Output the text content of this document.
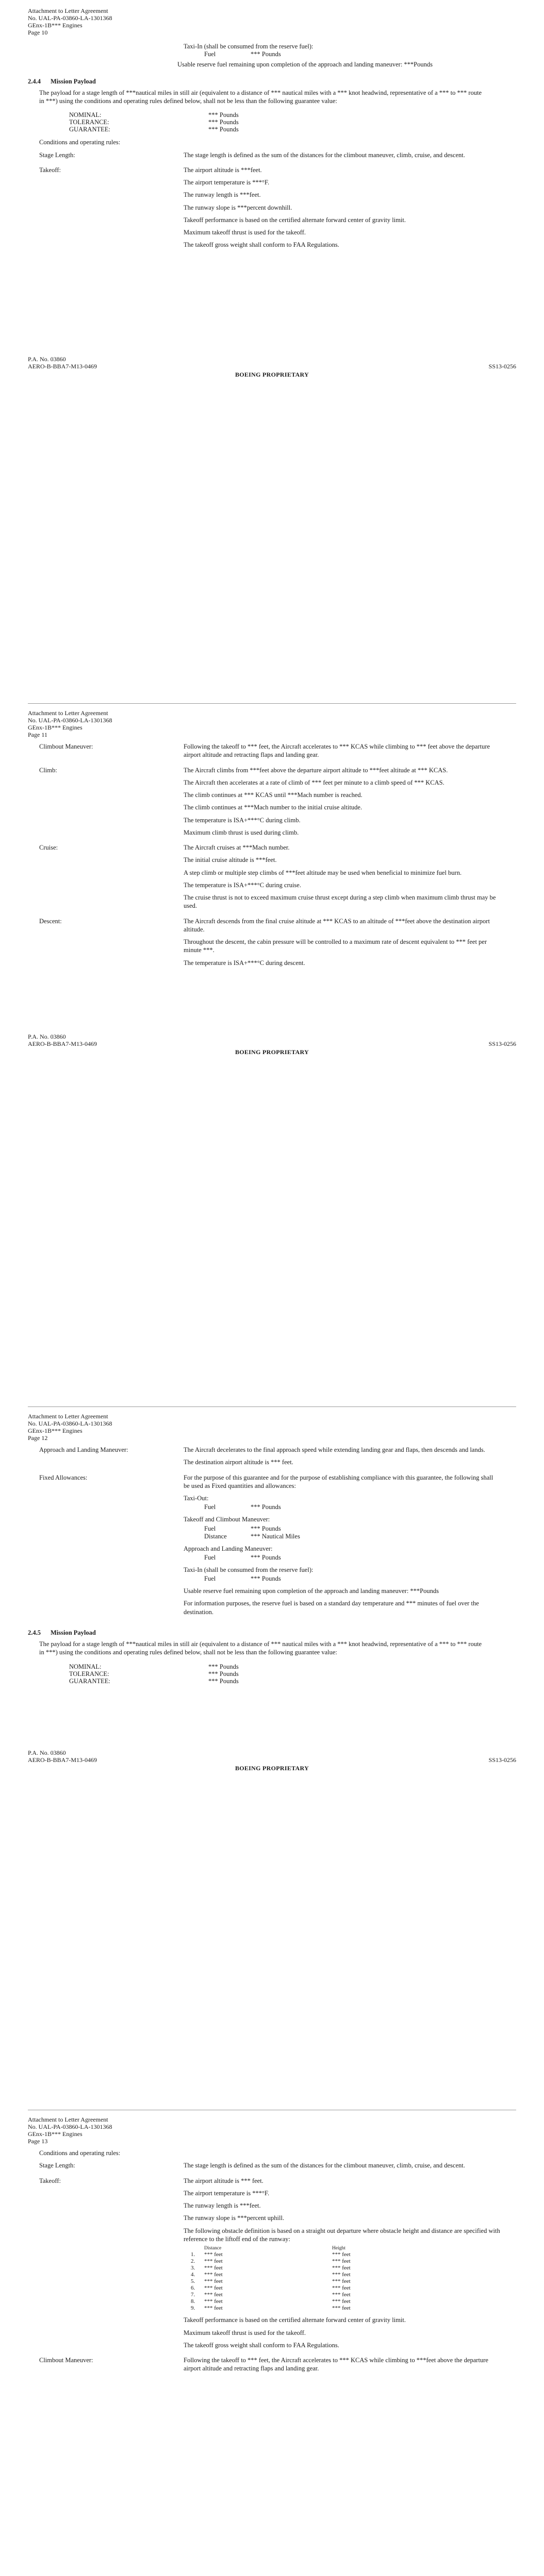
Attachment to Letter Agreement
No. UAL-PA-03860-LA-1301368
GEnx-1B*** Engines
Page 10
Taxi-In (shall be consumed from the reserve fuel):
Fuel	*** Pounds
Usable reserve fuel remaining upon completion of the approach and landing maneuver: ***Pounds
2.4.4 Mission Payload
The payload for a stage length of ***nautical miles in still air (equivalent to a distance of *** nautical miles with a *** knot headwind, representative of a *** to *** route in ***) using the conditions and operating rules defined below, shall not be less than the following guarantee value:
NOMINAL:	*** Pounds
TOLERANCE:	*** Pounds
GUARANTEE:	*** Pounds
Conditions and operating rules:
Stage Length:	The stage length is defined as the sum of the distances for the climbout maneuver, climb, cruise, and descent.

Takeoff:	The airport altitude is ***feet.

The airport temperature is ***°F.

The runway length is ***feet.

The runway slope is ***percent downhill.

Takeoff performance is based on the certified alternate forward center of gravity limit.

Maximum takeoff thrust is used for the takeoff.

The takeoff gross weight shall conform to FAA Regulations.

P.A. No. 03860
AERO-B-BBA7-M13-0469	SS13-0256
BOEING PROPRIETARY
Attachment to Letter Agreement
No. UAL-PA-03860-LA-1301368
GEnx-1B*** Engines
Page 11
Climbout Maneuver:	Following the takeoff to *** feet, the Aircraft accelerates to *** KCAS while climbing to *** feet above the departure airport altitude and retracting flaps and landing gear.

Climb:	The Aircraft climbs from ***feet above the departure airport altitude to ***feet altitude at *** KCAS.

The Aircraft then accelerates at a rate of climb of *** feet per minute to a climb speed of *** KCAS.

The climb continues at *** KCAS until ***Mach number is reached.

The climb continues at ***Mach number to the initial cruise altitude.

The temperature is ISA+***°C during climb.

Maximum climb thrust is used during climb.

Cruise:	The Aircraft cruises at ***Mach number.

The initial cruise altitude is ***feet.

A step climb or multiple step climbs of ***feet altitude may be used when beneficial to minimize fuel burn.

The temperature is ISA+***°C during cruise.

The cruise thrust is not to exceed maximum cruise thrust except during a step climb when maximum climb thrust may be used.

Descent:	The Aircraft descends from the final cruise altitude at *** KCAS to an altitude of ***feet above the destination airport altitude.

Throughout the descent, the cabin pressure will be controlled to a maximum rate of descent equivalent to *** feet per minute ***.

The temperature is ISA+***°C during descent.

P.A. No. 03860
AERO-B-BBA7-M13-0469	SS13-0256
BOEING PROPRIETARY
Attachment to Letter Agreement
No. UAL-PA-03860-LA-1301368
GEnx-1B*** Engines
Page 12
Approach and Landing Maneuver:	The Aircraft decelerates to the final approach speed while extending landing gear and flaps, then descends and lands.

The destination airport altitude is *** feet.

Fixed Allowances:	For the purpose of this guarantee and for the purpose of establishing compliance with this guarantee, the following shall be used as Fixed quantities and allowances:

Taxi-Out:

Fuel	*** Pounds

Takeoff and Climbout Maneuver:

Fuel	*** Pounds
Distance	*** Nautical Miles

Approach and Landing Maneuver:

Fuel	*** Pounds

Taxi-In (shall be consumed from the reserve fuel):

Fuel	*** Pounds

Usable reserve fuel remaining upon completion of the approach and landing maneuver: ***Pounds

For information purposes, the reserve fuel is based on a standard day temperature and *** minutes of fuel over the destination.

2.4.5 Mission Payload
The payload for a stage length of ***nautical miles in still air (equivalent to a distance of *** nautical miles with a *** knot headwind, representative of a *** to *** route in ***) using the conditions and operating rules defined below, shall not be less than the following guarantee value:
NOMINAL:	*** Pounds
TOLERANCE:	*** Pounds
GUARANTEE:	*** Pounds
P.A. No. 03860
AERO-B-BBA7-M13-0469	SS13-0256
BOEING PROPRIETARY
Attachment to Letter Agreement
No. UAL-PA-03860-LA-1301368
GEnx-1B*** Engines
Page 13
Conditions and operating rules:
Stage Length:	The stage length is defined as the sum of the distances for the climbout maneuver, climb, cruise, and descent.

Takeoff:	The airport altitude is *** feet.

The airport temperature is ***°F.

The runway length is ***feet.

The runway slope is ***percent uphill.

The following obstacle definition is based on a straight out departure where obstacle height and distance are specified with reference to the liftoff end of the runway:

	Distance	Height
1.	*** feet	*** feet
2.	*** feet	*** feet
3.	*** feet	*** feet
4.	*** feet	*** feet
5.	*** feet	*** feet
6.	*** feet	*** feet
7.	*** feet	*** feet
8.	*** feet	*** feet
9.	*** feet	*** feet

Takeoff performance is based on the certified alternate forward center of gravity limit.

Maximum takeoff thrust is used for the takeoff.

The takeoff gross weight shall conform to FAA Regulations.

Climbout Maneuver:	Following the takeoff to *** feet, the Aircraft accelerates to *** KCAS while climbing to ***feet above the departure airport altitude and retracting flaps and landing gear.
